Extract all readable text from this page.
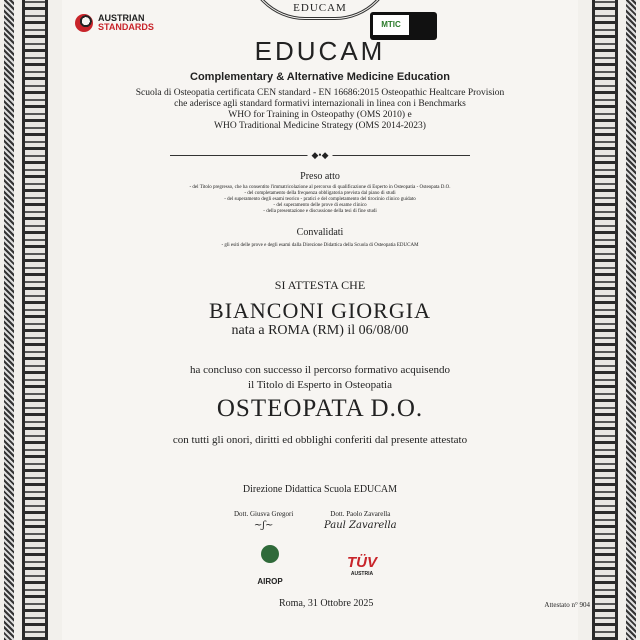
EDUCAM
AUSTRIAN
STANDARDS	MTIC
EDUCAM
Complementary & Alternative Medicine Education
Scuola di Osteopatia certificata CEN standard - EN 16686:2015 Osteopathic Healtcare Provision
che aderisce agli standard formativi internazionali in linea con i Benchmarks
WHO for Training in Osteopathy (OMS 2010) e
WHO Traditional Medicine Strategy (OMS 2014-2023)
◆•◆
Preso atto
- del Titolo pregresso, che ha consentito l'immatricolazione al percorso di qualificazione di Esperto in Osteopatia - Osteopata D.O.
- del completamento della frequenza obbligatoria prevista dal piano di studi
- del superamento degli esami teorico - pratici e del completamento del tirocinio clinico guidato
- del superamento delle prove di esame clinico
- della presentazione e discussione della tesi di fine studi
Convalidati
- gli esiti delle prove e degli esami dalla Direzione Didattica della Scuola di Osteopatia EDUCAM
SI ATTESTA CHE
BIANCONI GIORGIA
nata a ROMA (RM) il 06/08/00
ha concluso con successo il percorso formativo acquisendo
il Titolo di Esperto in Osteopatia
OSTEOPATA D.O.
con tutti gli onori, diritti ed obblighi conferiti dal presente attestato
Direzione Didattica Scuola EDUCAM
Dott. Giusva Gregori
~ʃ~
Dott. Paolo Zavarella
Paul Zavarella
AIROP
TÜV
AUSTRIA
Roma, 31 Ottobre 2025	Attestato n° 904
